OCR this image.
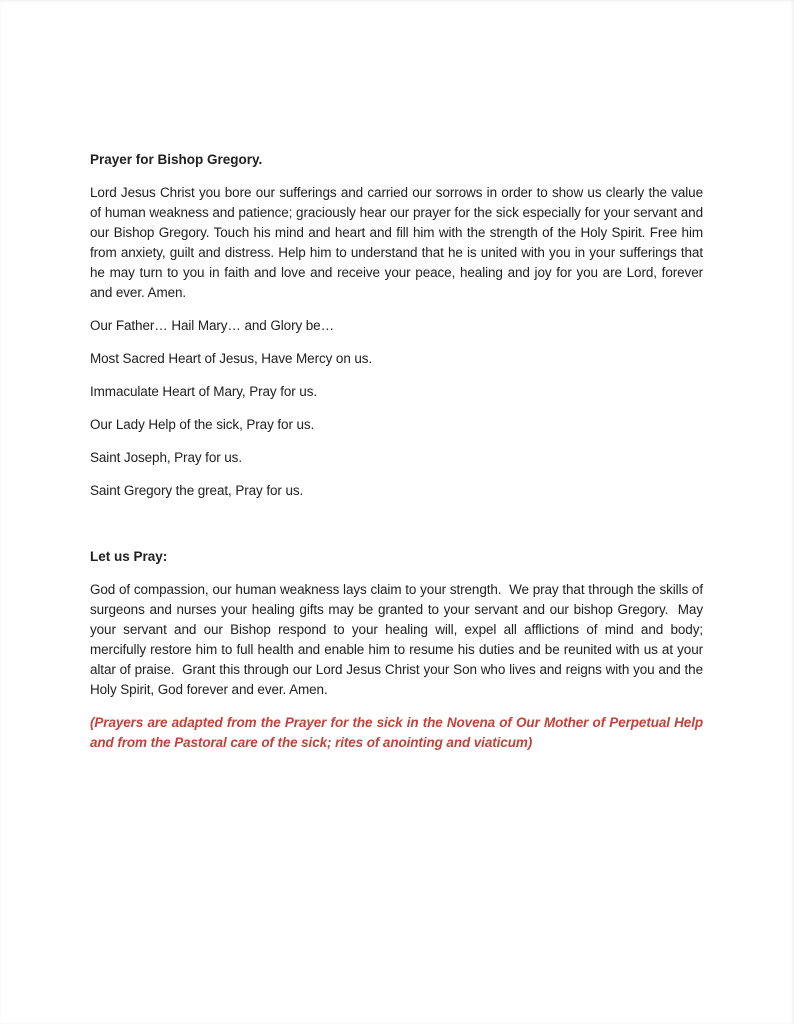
Prayer for Bishop Gregory.

Lord Jesus Christ you bore our sufferings and carried our sorrows in order to show us clearly the value of human weakness and patience; graciously hear our prayer for the sick especially for your servant and our Bishop Gregory. Touch his mind and heart and fill him with the strength of the Holy Spirit. Free him from anxiety, guilt and distress. Help him to understand that he is united with you in your sufferings that he may turn to you in faith and love and receive your peace, healing and joy for you are Lord, forever and ever. Amen.

Our Father… Hail Mary… and Glory be…
Most Sacred Heart of Jesus, Have Mercy on us.
Immaculate Heart of Mary, Pray for us.
Our Lady Help of the sick, Pray for us.
Saint Joseph, Pray for us.
Saint Gregory the great, Pray for us.
Let us Pray:

God of compassion, our human weakness lays claim to your strength.  We pray that through the skills of surgeons and nurses your healing gifts may be granted to your servant and our bishop Gregory.  May your servant and our Bishop respond to your healing will, expel all afflictions of mind and body; mercifully restore him to full health and enable him to resume his duties and be reunited with us at your altar of praise.  Grant this through our Lord Jesus Christ your Son who lives and reigns with you and the Holy Spirit, God forever and ever. Amen.

(Prayers are adapted from the Prayer for the sick in the Novena of Our Mother of Perpetual Help and from the Pastoral care of the sick; rites of anointing and viaticum)
